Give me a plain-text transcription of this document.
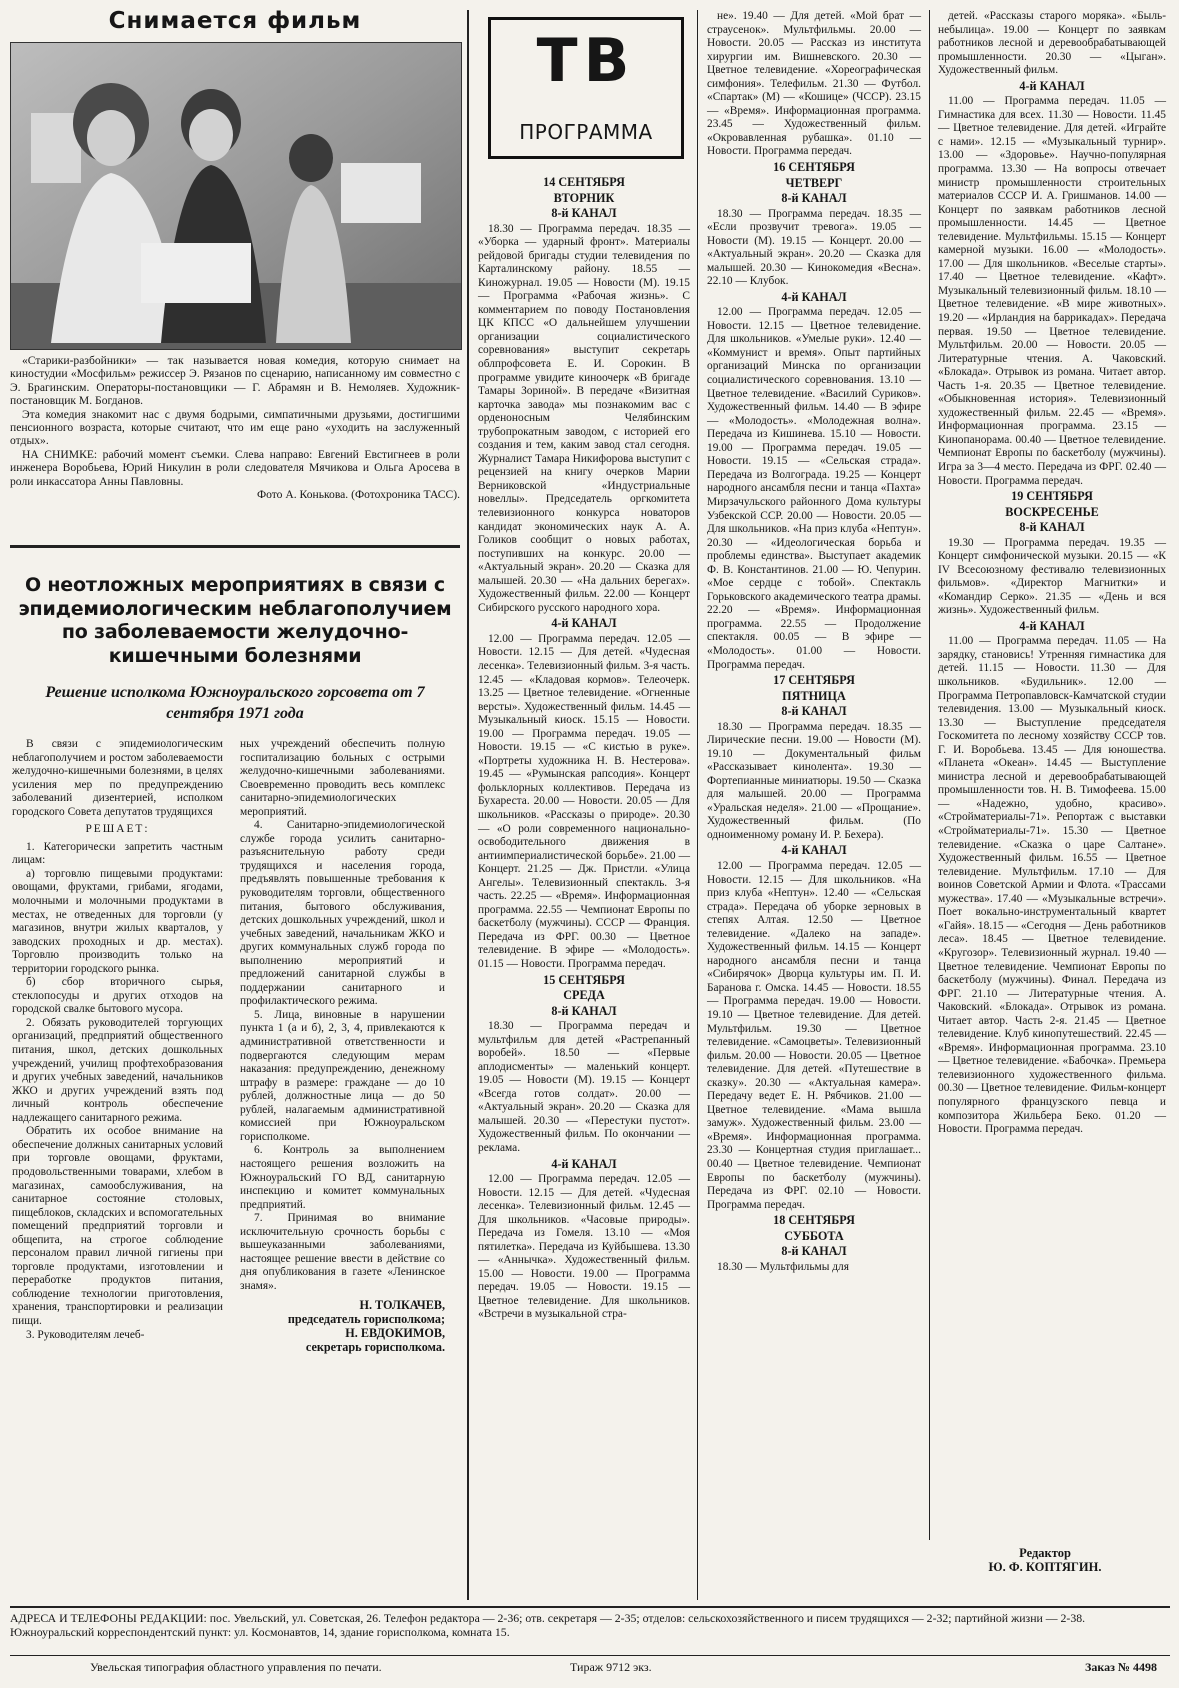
Снимается фильм

«Старики-разбойники» — так называется новая комедия, которую снимает на киностудии «Мосфильм» режиссер Э. Рязанов по сценарию, написанному им совместно с Э. Брагинским. Операторы-постановщики — Г. Абрамян и В. Немоляев. Художник-постановщик М. Богданов.

Эта комедия знакомит нас с двумя бодрыми, симпатичными друзьями, достигшими пенсионного возраста, которые считают, что им еще рано «уходить на заслуженный отдых».

НА СНИМКЕ: рабочий момент съемки. Слева направо: Евгений Евстигнеев в роли инженера Воробьева, Юрий Никулин в роли следователя Мячикова и Ольга Аросева в роли инкассатора Анны Павловны.

Фото А. Конькова. (Фотохроника ТАСС).

О неотложных мероприятиях в связи с эпидемиологическим неблагополучием по заболеваемости желудочно-кишечными болезнями
Решение исполкома Южноуральского горсовета от 7 сентября 1971 года

В связи с эпидемиологическим неблагополучием и ростом заболеваемости желудочно-кишечными болезнями, в целях усиления мер по предупреждению заболеваний дизентерией, исполком городского Совета депутатов трудящихся

РЕШАЕТ:

1. Категорически запретить частным лицам:

а) торговлю пищевыми продуктами: овощами, фруктами, грибами, ягодами, молочными и молочными продуктами в местах, не отведенных для торговли (у магазинов, внутри жилых кварталов, у заводских проходных и др. местах). Торговлю производить только на территории городского рынка.

б) сбор вторичного сырья, стеклопосуды и других отходов на городской свалке бытового мусора.

2. Обязать руководителей торгующих организаций, предприятий общественного питания, школ, детских дошкольных учреждений, училищ профтехобразования и других учебных заведений, начальников ЖКО и других учреждений взять под личный контроль обеспечение надлежащего санитарного режима.

Обратить их особое внимание на обеспечение должных санитарных условий при торговле овощами, фруктами, продовольственными товарами, хлебом в магазинах, самообслуживания, на санитарное состояние столовых, пищеблоков, складских и вспомогательных помещений предприятий торговли и общепита, на строгое соблюдение персоналом правил личной гигиены при торговле продуктами, изготовлении и переработке продуктов питания, соблюдение технологии приготовления, хранения, транспортировки и реализации пищи.

3. Руководителям лечеб-

ных учреждений обеспечить полную госпитализацию больных с острыми желудочно-кишечными заболеваниями. Своевременно проводить весь комплекс санитарно-эпидемиологических мероприятий.

4. Санитарно-эпидемиологической службе города усилить санитарно-разъяснительную работу среди трудящихся и населения города, предъявлять повышенные требования к руководителям торговли, общественного питания, бытового обслуживания, детских дошкольных учреждений, школ и учебных заведений, начальникам ЖКО и других коммунальных служб города по выполнению мероприятий и предложений санитарной службы в поддержании санитарного и профилактического режима.

5. Лица, виновные в нарушении пункта 1 (а и б), 2, 3, 4, привлекаются к административной ответственности и подвергаются следующим мерам наказания: предупреждению, денежному штрафу в размере: граждане — до 10 рублей, должностные лица — до 50 рублей, налагаемым административной комиссией при Южноуральском горисполкоме.

6. Контроль за выполнением настоящего решения возложить на Южноуральский ГО ВД, санитарную инспекцию и комитет коммунальных предприятий.

7. Принимая во внимание исключительную срочность борьбы с вышеуказанными заболеваниями, настоящее решение ввести в действие со дня опубликования в газете «Ленинское знамя».

Н. ТОЛКАЧЕВ,
председатель горисполкома;
Н. ЕВДОКИМОВ,
секретарь горисполкома.
ТВ
ПРОГРАММА

14 СЕНТЯБРЯ

ВТОРНИК

8-й КАНАЛ

18.30 — Программа передач. 18.35 — «Уборка — ударный фронт». Материалы рейдовой бригады студии телевидения по Карталинскому району. 18.55 — Киножурнал. 19.05 — Новости (М). 19.15 — Программа «Рабочая жизнь». С комментарием по поводу Постановления ЦК КПСС «О дальнейшем улучшении организации социалистического соревнования» выступит секретарь облпрофсовета Е. И. Сорокин. В программе увидите киноочерк «В бригаде Тамары Зориной». В передаче «Визитная карточка завода» мы познакомим вас с орденоносным Челябинским трубопрокатным заводом, с историей его создания и тем, каким завод стал сегодня. Журналист Тамара Никифорова выступит с рецензией на книгу очерков Марии Верниковской «Индустриальные новеллы». Председатель оргкомитета телевизионного конкурса новаторов кандидат экономических наук А. А. Голиков сообщит о новых работах, поступивших на конкурс. 20.00 — «Актуальный экран». 20.20 — Сказка для малышей. 20.30 — «На дальних берегах». Художественный фильм. 22.00 — Концерт Сибирского русского народного хора.

4-й КАНАЛ

12.00 — Программа передач. 12.05 — Новости. 12.15 — Для детей. «Чудесная лесенка». Телевизионный фильм. 3-я часть. 12.45 — «Кладовая кормов». Телеочерк. 13.25 — Цветное телевидение. «Огненные версты». Художественный фильм. 14.45 — Музыкальный киоск. 15.15 — Новости. 19.00 — Программа передач. 19.05 — Новости. 19.15 — «С кистью в руке». «Портреты художника Н. В. Нестерова». 19.45 — «Румынская рапсодия». Концерт фольклорных коллективов. Передача из Бухареста. 20.00 — Новости. 20.05 — Для школьников. «Рассказы о природе». 20.30 — «О роли современного национально-освободительного движения в антиимпериалистической борьбе». 21.00 — Концерт. 21.25 — Дж. Пристли. «Улица Ангелы». Телевизионный спектакль. 3-я часть. 22.25 — «Время». Информационная программа. 22.55 — Чемпионат Европы по баскетболу (мужчины). СССР — Франция. Передача из ФРГ. 00.30 — Цветное телевидение. В эфире — «Молодость». 01.15 — Новости. Программа передач.

15 СЕНТЯБРЯ

СРЕДА

8-й КАНАЛ

18.30 — Программа передач и мультфильм для детей «Растрепанный воробей». 18.50 — «Первые аплодисменты» — маленький концерт. 19.05 — Новости (М). 19.15 — Концерт «Всегда готов солдат». 20.00 — «Актуальный экран». 20.20 — Сказка для малышей. 20.30 — «Перестуки пустот». Художественный фильм. По окончании — реклама.

4-й КАНАЛ

12.00 — Программа передач. 12.05 — Новости. 12.15 — Для детей. «Чудесная лесенка». Телевизионный фильм. 12.45 — Для школьников. «Часовые природы». Передача из Гомеля. 13.10 — «Моя пятилетка». Передача из Куйбышева. 13.30 — «Аннычка». Художественный фильм. 15.00 — Новости. 19.00 — Программа передач. 19.05 — Новости. 19.15 — Цветное телевидение. Для школьников. «Встречи в музыкальной стра-

не». 19.40 — Для детей. «Мой брат — страусенок». Мультфильмы. 20.00 — Новости. 20.05 — Рассказ из института хирургии им. Вишневского. 20.30 — Цветное телевидение. «Хореографическая симфония». Телефильм. 21.30 — Футбол. «Спартак» (М) — «Кошице» (ЧССР). 23.15 — «Время». Информационная программа. 23.45 — Художественный фильм. «Окровавленная рубашка». 01.10 — Новости. Программа передач.

16 СЕНТЯБРЯ

ЧЕТВЕРГ

8-й КАНАЛ

18.30 — Программа передач. 18.35 — «Если прозвучит тревога». 19.05 — Новости (М). 19.15 — Концерт. 20.00 — «Актуальный экран». 20.20 — Сказка для малышей. 20.30 — Кинокомедия «Весна». 22.10 — Клубок.

4-й КАНАЛ

12.00 — Программа передач. 12.05 — Новости. 12.15 — Цветное телевидение. Для школьников. «Умелые руки». 12.40 — «Коммунист и время». Опыт партийных организаций Минска по организации социалистического соревнования. 13.10 — Цветное телевидение. «Василий Суриков». Художественный фильм. 14.40 — В эфире — «Молодость». «Молодежная волна». Передача из Кишинева. 15.10 — Новости. 19.00 — Программа передач. 19.05 — Новости. 19.15 — «Сельская страда». Передача из Волгограда. 19.25 — Концерт народного ансамбля песни и танца «Пахта» Мирзачульского районного Дома культуры Узбекской ССР. 20.00 — Новости. 20.05 — Для школьников. «На приз клуба «Нептун». 20.30 — «Идеологическая борьба и проблемы единства». Выступает академик Ф. В. Константинов. 21.00 — Ю. Чепурин. «Мое сердце с тобой». Спектакль Горьковского академического театра драмы. 22.20 — «Время». Информационная программа. 22.55 — Продолжение спектакля. 00.05 — В эфире — «Молодость». 01.00 — Новости. Программа передач.

17 СЕНТЯБРЯ

ПЯТНИЦА

8-й КАНАЛ

18.30 — Программа передач. 18.35 — Лирические песни. 19.00 — Новости (М). 19.10 — Документальный фильм «Рассказывает кинолента». 19.30 — Фортепианные миниатюры. 19.50 — Сказка для малышей. 20.00 — Программа «Уральская неделя». 21.00 — «Прощание». Художественный фильм. (По одноименному роману И. Р. Бехера).

4-й КАНАЛ

12.00 — Программа передач. 12.05 — Новости. 12.15 — Для школьников. «На приз клуба «Нептун». 12.40 — «Сельская страда». Передача об уборке зерновых в степях Алтая. 12.50 — Цветное телевидение. «Далеко на западе». Художественный фильм. 14.15 — Концерт народного ансамбля песни и танца «Сибирячок» Дворца культуры им. П. И. Баранова г. Омска. 14.45 — Новости. 18.55 — Программа передач. 19.00 — Новости. 19.10 — Цветное телевидение. Для детей. Мультфильм. 19.30 — Цветное телевидение. «Самоцветы». Телевизионный фильм. 20.00 — Новости. 20.05 — Цветное телевидение. Для детей. «Путешествие в сказку». 20.30 — «Актуальная камера». Передачу ведет Е. Н. Рябчиков. 21.00 — Цветное телевидение. «Мама вышла замуж». Художественный фильм. 23.00 — «Время». Информационная программа. 23.30 — Концертная студия приглашает... 00.40 — Цветное телевидение. Чемпионат Европы по баскетболу (мужчины). Передача из ФРГ. 02.10 — Новости. Программа передач.

18 СЕНТЯБРЯ

СУББОТА

8-й КАНАЛ

18.30 — Мультфильмы для

детей. «Рассказы старого моряка». «Быль-небылица». 19.00 — Концерт по заявкам работников лесной и деревообрабатывающей промышленности. 20.30 — «Цыган». Художественный фильм.

4-й КАНАЛ

11.00 — Программа передач. 11.05 — Гимнастика для всех. 11.30 — Новости. 11.45 — Цветное телевидение. Для детей. «Играйте с нами». 12.15 — «Музыкальный турнир». 13.00 — «Здоровье». Научно-популярная программа. 13.30 — На вопросы отвечает министр промышленности строительных материалов СССР И. А. Гришманов. 14.00 — Концерт по заявкам работников лесной промышленности. 14.45 — Цветное телевидение. Мультфильмы. 15.15 — Концерт камерной музыки. 16.00 — «Молодость». 17.00 — Для школьников. «Веселые старты». 17.40 — Цветное телевидение. «Кафт». Музыкальный телевизионный фильм. 18.10 — Цветное телевидение. «В мире животных». 19.20 — «Ирландия на баррикадах». Передача первая. 19.50 — Цветное телевидение. Мультфильм. 20.00 — Новости. 20.05 — Литературные чтения. А. Чаковский. «Блокада». Отрывок из романа. Читает автор. Часть 1-я. 20.35 — Цветное телевидение. «Обыкновенная история». Телевизионный художественный фильм. 22.45 — «Время». Информационная программа. 23.15 — Кинопанорама. 00.40 — Цветное телевидение. Чемпионат Европы по баскетболу (мужчины). Игра за 3—4 место. Передача из ФРГ. 02.40 — Новости. Программа передач.

19 СЕНТЯБРЯ

ВОСКРЕСЕНЬЕ

8-й КАНАЛ

19.30 — Программа передач. 19.35 — Концерт симфонической музыки. 20.15 — «К IV Всесоюзному фестивалю телевизионных фильмов». «Директор Магнитки» и «Командир Серко». 21.35 — «День и вся жизнь». Художественный фильм.

4-й КАНАЛ

11.00 — Программа передач. 11.05 — На зарядку, становись! Утренняя гимнастика для детей. 11.15 — Новости. 11.30 — Для школьников. «Будильник». 12.00 — Программа Петропавловск-Камчатской студии телевидения. 13.00 — Музыкальный киоск. 13.30 — Выступление председателя Госкомитета по лесному хозяйству СССР тов. Г. И. Воробьева. 13.45 — Для юношества. «Планета «Океан». 14.45 — Выступление министра лесной и деревообрабатывающей промышленности тов. Н. В. Тимофеева. 15.00 — «Надежно, удобно, красиво». «Стройматериалы-71». Репортаж с выставки «Стройматериалы-71». 15.30 — Цветное телевидение. «Сказка о царе Салтане». Художественный фильм. 16.55 — Цветное телевидение. Мультфильм. 17.10 — Для воинов Советской Армии и Флота. «Трассами мужества». 17.40 — «Музыкальные встречи». Поет вокально-инструментальный квартет «Гайя». 18.15 — «Сегодня — День работников леса». 18.45 — Цветное телевидение. «Кругозор». Телевизионный журнал. 19.40 — Цветное телевидение. Чемпионат Европы по баскетболу (мужчины). Финал. Передача из ФРГ. 21.10 — Литературные чтения. А. Чаковский. «Блокада». Отрывок из романа. Читает автор. Часть 2-я. 21.45 — Цветное телевидение. Клуб кинопутешествий. 22.45 — «Время». Информационная программа. 23.10 — Цветное телевидение. «Бабочка». Премьера телевизионного художественного фильма. 00.30 — Цветное телевидение. Фильм-концерт популярного французского певца и композитора Жильбера Беко. 01.20 — Новости. Программа передач.

Редактор
Ю. Ф. КОПТЯГИН.
АДРЕСА И ТЕЛЕФОНЫ РЕДАКЦИИ: пос. Увельский, ул. Советская, 26. Телефон редактора — 2-36; отв. секретаря — 2-35; отделов: сельскохозяйственного и писем трудящихся — 2-32; партийной жизни — 2-38. Южноуральский корреспондентский пункт: ул. Космонавтов, 14, здание горисполкома, комната 15.
Увельская типография областного управления по печати.	Тираж 9712 экз.	Заказ № 4498
